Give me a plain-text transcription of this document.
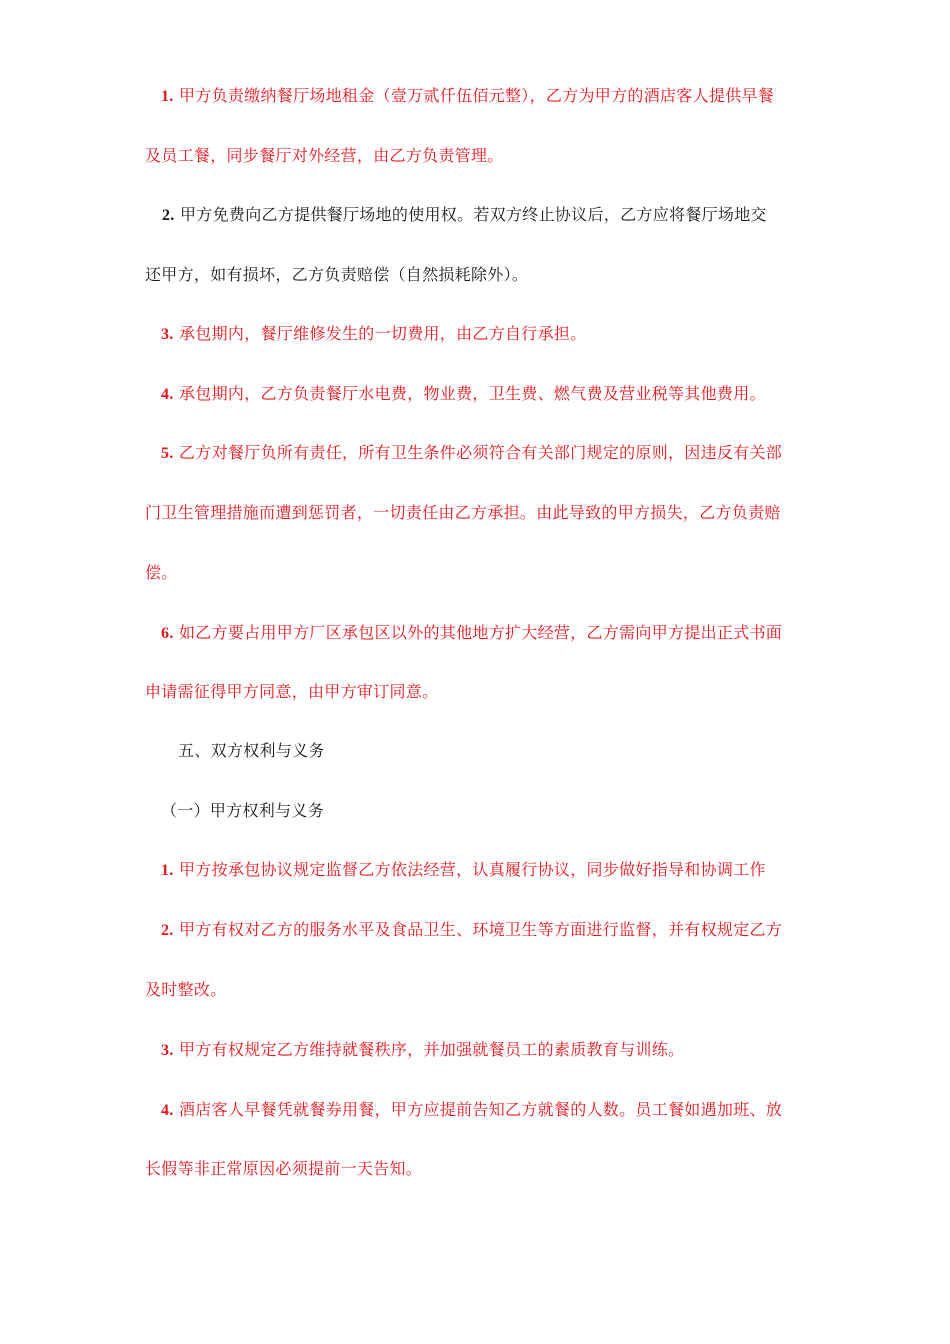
1. 甲方负责缴纳餐厅场地租金（壹万贰仟伍佰元整），乙方为甲方的酒店客人提供早餐
及员工餐，同步餐厅对外经营，由乙方负责管理。
2. 甲方免费向乙方提供餐厅场地的使用权。若双方终止协议后，乙方应将餐厅场地交
还甲方，如有损坏，乙方负责赔偿（自然损耗除外）。
3. 承包期内，餐厅维修发生的一切费用，由乙方自行承担。
4. 承包期内，乙方负责餐厅水电费，物业费，卫生费、燃气费及营业税等其他费用。
5. 乙方对餐厅负所有责任，所有卫生条件必须符合有关部门规定的原则，因违反有关部
门卫生管理措施而遭到惩罚者，一切责任由乙方承担。由此导致的甲方损失，乙方负责赔
偿。
6. 如乙方要占用甲方厂区承包区以外的其他地方扩大经营，乙方需向甲方提出正式书面
申请需征得甲方同意，由甲方审订同意。
五、双方权利与义务
（一）甲方权利与义务
1. 甲方按承包协议规定监督乙方依法经营，认真履行协议，同步做好指导和协调工作
2. 甲方有权对乙方的服务水平及食品卫生、环境卫生等方面进行监督，并有权规定乙方
及时整改。
3. 甲方有权规定乙方维持就餐秩序，并加强就餐员工的素质教育与训练。
4. 酒店客人早餐凭就餐券用餐，甲方应提前告知乙方就餐的人数。员工餐如遇加班、放
长假等非正常原因必须提前一天告知。
